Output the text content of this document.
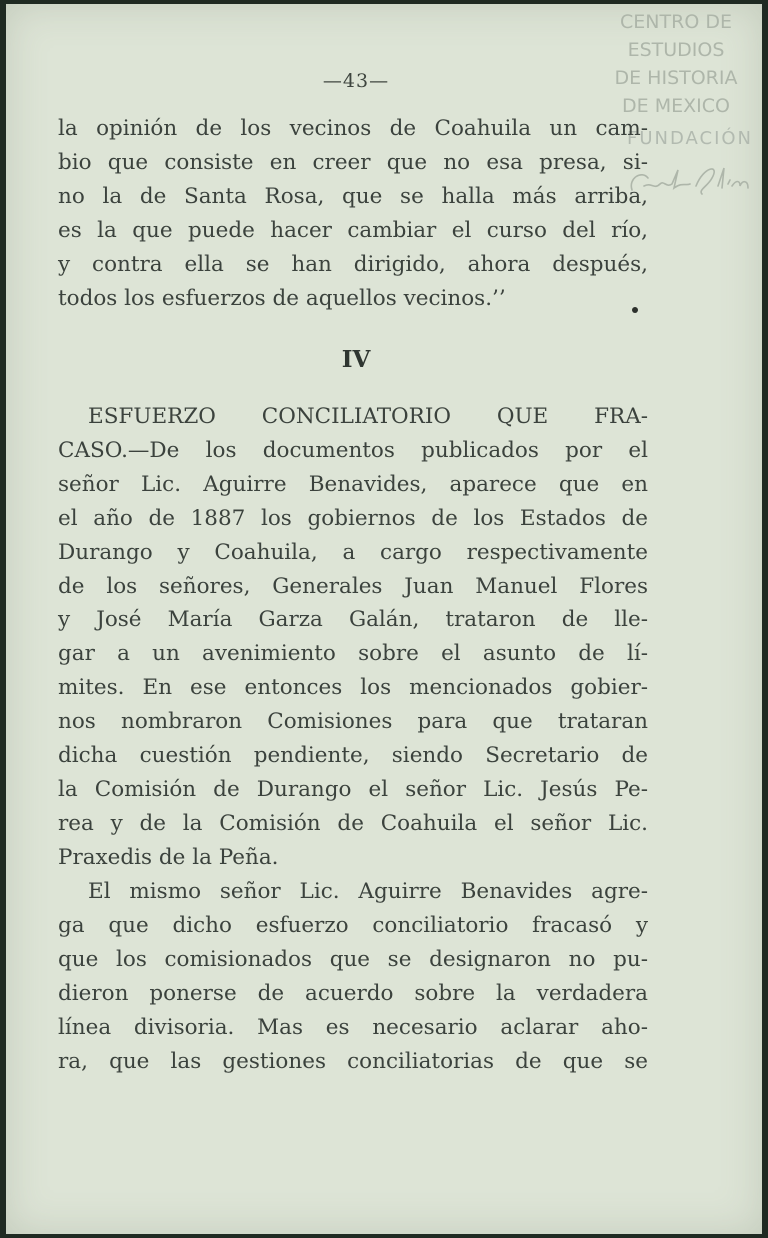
CENTRO DE
ESTUDIOS
DE HISTORIA
DE MEXICO
FUNDACIÓN
—43—

la opinión de los vecinos de Coahuila un cam-
bio que consiste en creer que no esa presa, si-
no la de Santa Rosa, que se halla más arriba,
es la que puede hacer cambiar el curso del río,
y contra ella se han dirigido, ahora después,
todos los esfuerzos de aquellos vecinos.’’

IV

ESFUERZO CONCILIATORIO QUE FRA-
CASO.—De los documentos publicados por el
señor Lic. Aguirre Benavides, aparece que en
el año de 1887 los gobiernos de los Estados de
Durango y Coahuila, a cargo respectivamente
de los señores, Generales Juan Manuel Flores
y José María Garza Galán, trataron de lle-
gar a un avenimiento sobre el asunto de lí-
mites. En ese entonces los mencionados gobier-
nos nombraron Comisiones para que trataran
dicha cuestión pendiente, siendo Secretario de
la Comisión de Durango el señor Lic. Jesús Pe-
rea y de la Comisión de Coahuila el señor Lic.
Praxedis de la Peña.

El mismo señor Lic. Aguirre Benavides agre-
ga que dicho esfuerzo conciliatorio fracasó y
que los comisionados que se designaron no pu-
dieron ponerse de acuerdo sobre la verdadera
línea divisoria. Mas es necesario aclarar aho-
ra, que las gestiones conciliatorias de que se
